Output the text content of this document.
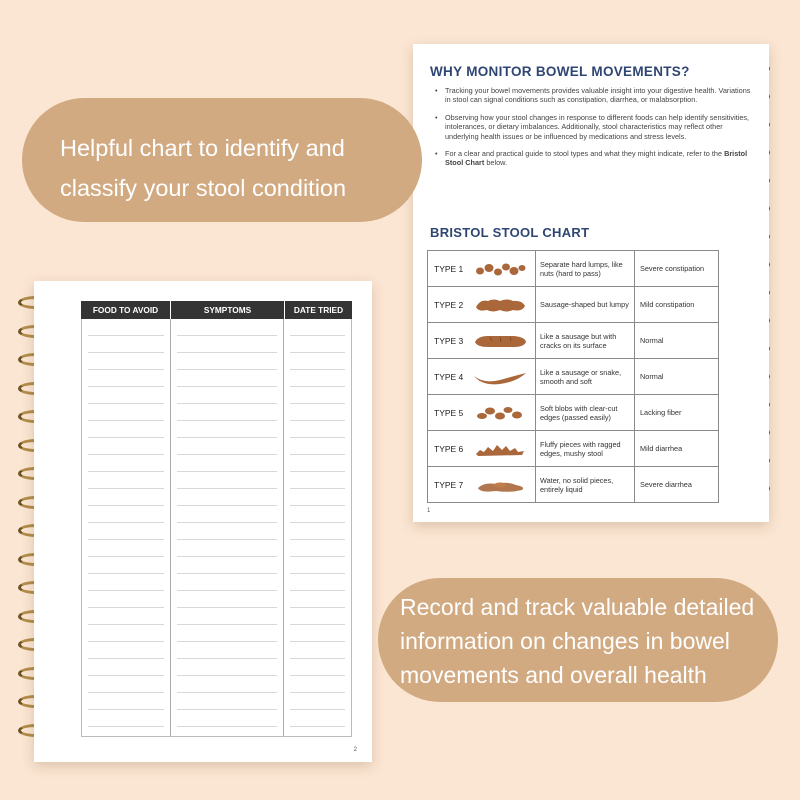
WHY MONITOR BOWEL MOVEMENTS?
• Tracking your bowel movements provides valuable insight into your digestive health. Variations in stool can signal conditions such as constipation, diarrhea, or malabsorption.
• Observing how your stool changes in response to different foods can help identify sensitivities, intolerances, or dietary imbalances. Additionally, stool characteristics may reflect other underlying health issues or be influenced by medications and stress levels.
• For a clear and practical guide to stool types and what they might indicate, refer to the Bristol Stool Chart below.
BRISTOL STOOL CHART
TYPE 1		Separate hard lumps, like nuts (hard to pass)	Severe constipation
TYPE 2		Sausage-shaped but lumpy	Mild constipation
TYPE 3		Like a sausage but with cracks on its surface	Normal
TYPE 4		Like a sausage or snake, smooth and soft	Normal
TYPE 5		Soft blobs with clear-cut edges (passed easily)	Lacking fiber
TYPE 6		Fluffy pieces with ragged edges, mushy stool	Mild diarrhea
TYPE 7		Water, no solid pieces, entirely liquid	Severe diarrhea
1
FOOD TO AVOID	SYMPTOMS	DATE TRIED
2
Helpful chart to identify and
classify your stool condition
Record and track valuable detailed
information on changes in bowel
movements and overall health
